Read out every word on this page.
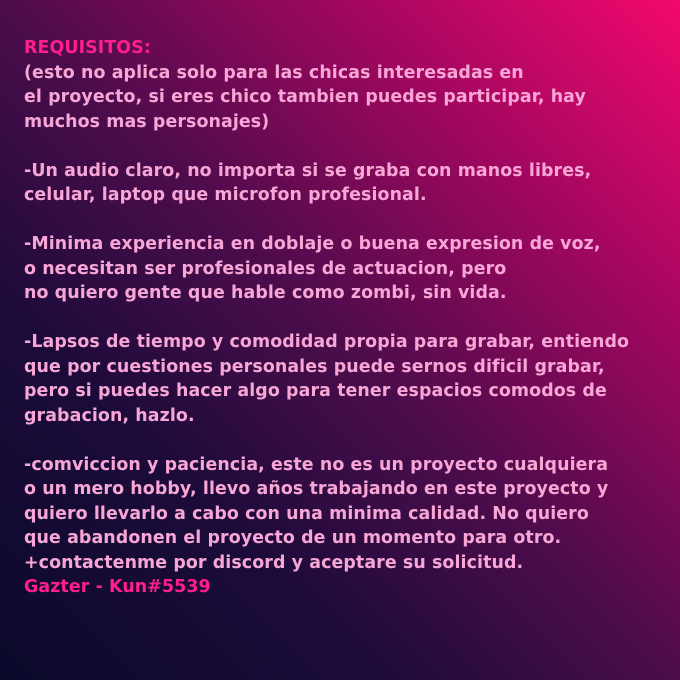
REQUISITOS:
(esto no aplica solo para las chicas interesadas en
el proyecto, si eres chico tambien puedes participar, hay
muchos mas personajes)
-Un audio claro, no importa si se graba con manos libres,
celular, laptop que microfon profesional.
-Minima experiencia en doblaje o buena expresion de voz,
o necesitan ser profesionales de actuacion, pero
no quiero gente que hable como zombi, sin vida.
-Lapsos de tiempo y comodidad propia para grabar, entiendo
que por cuestiones personales puede sernos dificil grabar,
pero si puedes hacer algo para tener espacios comodos de
grabacion, hazlo.
-comviccion y paciencia, este no es un proyecto cualquiera
o un mero hobby, llevo años trabajando en este proyecto y
quiero llevarlo a cabo con una minima calidad. No quiero
que abandonen el proyecto de un momento para otro.
+contactenme por discord y aceptare su solicitud.
Gazter - Kun#5539
